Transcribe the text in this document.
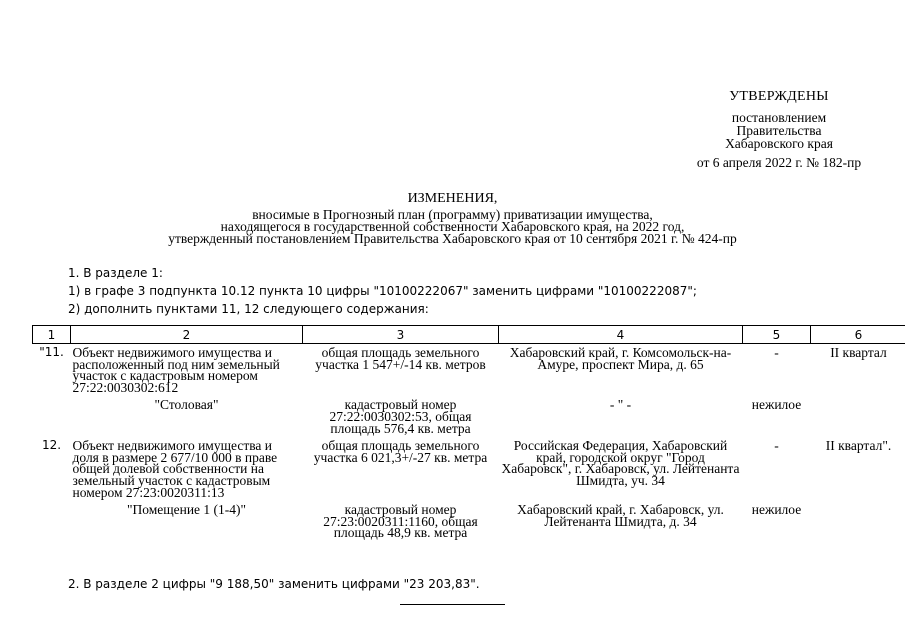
УТВЕРЖДЕНЫ
постановлением
Правительства
Хабаровского края
от 6 апреля 2022 г. № 182-пр
ИЗМЕНЕНИЯ,
вносимые в Прогнозный план (программу) приватизации имущества,
находящегося в государственной собственности Хабаровского края, на 2022 год,
утвержденный постановлением Правительства Хабаровского края от 10 сентября 2021 г. № 424-пр
1. В разделе 1:
1) в графе 3 подпункта 10.12 пункта 10 цифры "10100222067" заменить цифрами "10100222087";
2) дополнить пунктами 11, 12 следующего содержания:
1	2	3	4	5	6
"11.	Объект недвижимого имущества и расположенный под ним земельный участок с кадастровым номером 27:22:0030302:612	общая площадь земельного участка 1 547+/-14 кв. метров	Хабаровский край, г. Комсомольск-на-Амуре, проспект Мира, д. 65	-	II квартал
	"Столовая"	кадастровый номер 27:22:0030302:53, общая площадь 576,4 кв. метра	- " -	нежилое	
12.	Объект недвижимого имущества и доля в размере 2 677/10 000 в праве общей долевой собственности на земельный участок с кадастровым номером 27:23:0020311:13	общая площадь земельного участка 6 021,3+/-27 кв. метра	Российская Федерация, Хабаровский край, городской округ "Город Хабаровск", г. Хабаровск, ул. Лейтенанта Шмидта, уч. 34	-	II квартал".
	"Помещение 1 (1-4)"	кадастровый номер 27:23:0020311:1160, общая площадь 48,9 кв. метра	Хабаровский край, г. Хабаровск, ул. Лейтенанта Шмидта, д. 34	нежилое	
2. В разделе 2 цифры "9 188,50" заменить цифрами "23 203,83".
